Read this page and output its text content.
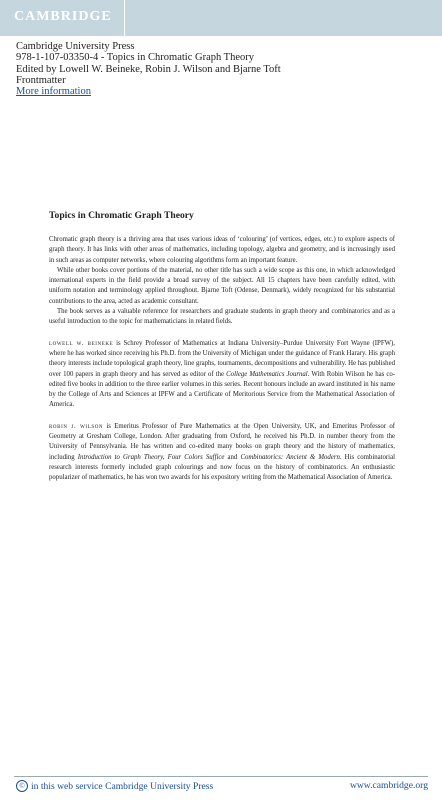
CAMBRIDGE
Cambridge University Press
978-1-107-03350-4 - Topics in Chromatic Graph Theory
Edited by Lowell W. Beineke, Robin J. Wilson and Bjarne Toft
Frontmatter
More information
Topics in Chromatic Graph Theory

Chromatic graph theory is a thriving area that uses various ideas of ‘colouring’ (of vertices, edges, etc.) to explore aspects of graph theory. It has links with other areas of mathematics, including topology, algebra and geometry, and is increasingly used in such areas as computer networks, where colouring algorithms form an important feature.

While other books cover portions of the material, no other title has such a wide scope as this one, in which acknowledged international experts in the field provide a broad survey of the subject. All 15 chapters have been carefully edited, with uniform notation and terminology applied throughout. Bjarne Toft (Odense, Denmark), widely recognized for his substantial contributions to the area, acted as academic consultant.

The book serves as a valuable reference for researchers and graduate students in graph theory and combinatorics and as a useful introduction to the topic for mathematicians in related fields.

lowell w. beineke is Schrey Professor of Mathematics at Indiana University–Purdue University Fort Wayne (IPFW), where he has worked since receiving his Ph.D. from the University of Michigan under the guidance of Frank Harary. His graph theory interests include topological graph theory, line graphs, tournaments, decompositions and vulnerability. He has published over 100 papers in graph theory and has served as editor of the College Mathematics Journal. With Robin Wilson he has co-edited five books in addition to the three earlier volumes in this series. Recent honours include an award instituted in his name by the College of Arts and Sciences at IPFW and a Certificate of Meritorious Service from the Mathematical Association of America.

robin j. wilson is Emeritus Professor of Pure Mathematics at the Open University, UK, and Emeritus Professor of Geometry at Gresham College, London. After graduating from Oxford, he received his Ph.D. in number theory from the University of Pennsylvania. He has written and co-edited many books on graph theory and the history of mathematics, including Introduction to Graph Theory, Four Colors Suffice and Combinatorics: Ancient & Modern. His combinatorial research interests formerly included graph colourings and now focus on the history of combinatorics. An enthusiastic popularizer of mathematics, he has won two awards for his expository writing from the Mathematical Association of America.

© in this web service Cambridge University Press	www.cambridge.org
